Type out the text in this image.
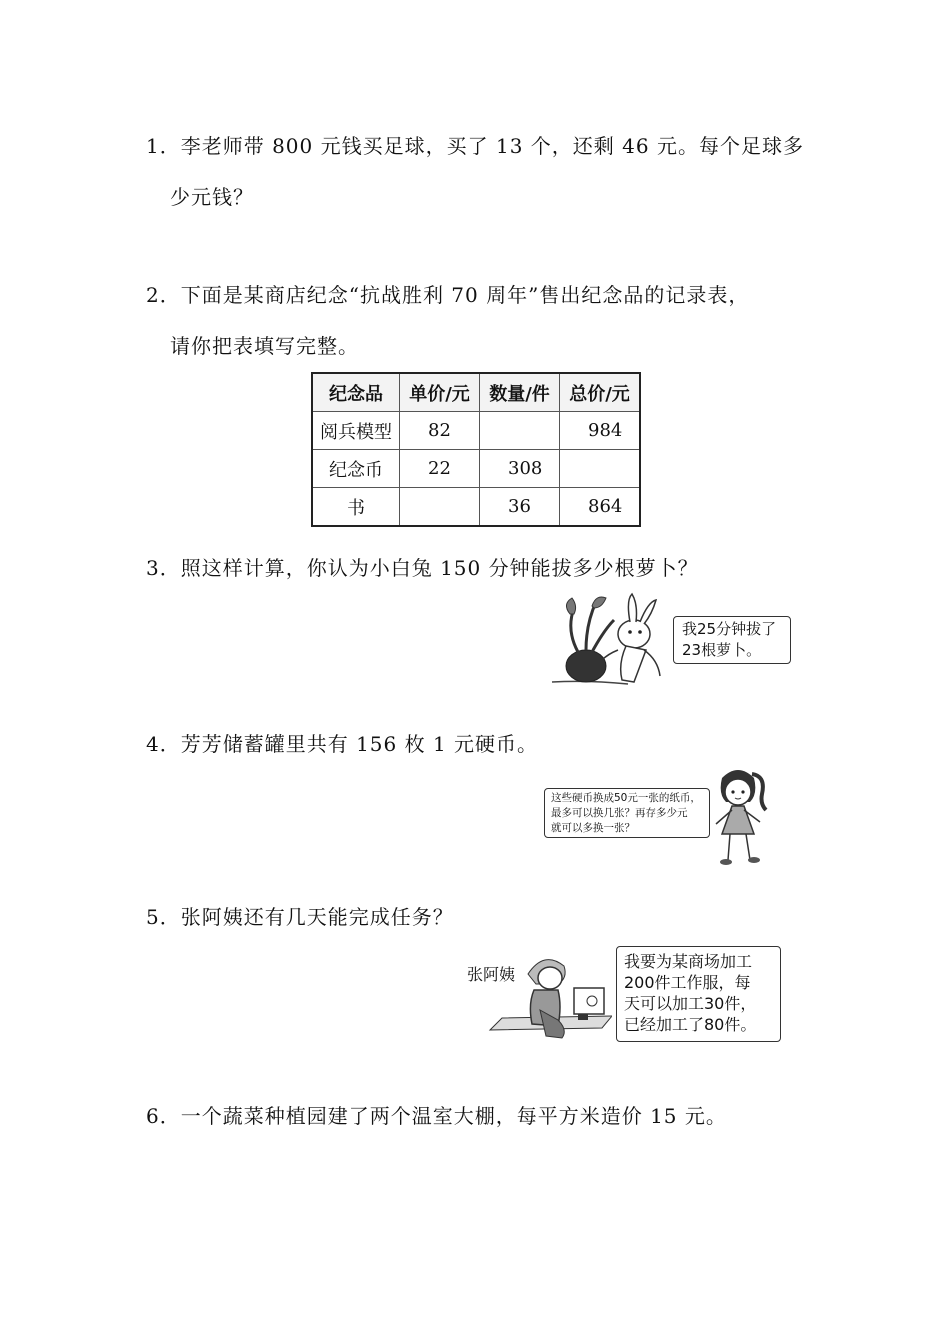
1．李老师带 800 元钱买足球，买了 13 个，还剩 46 元。每个足球多
少元钱？
2．下面是某商店纪念“抗战胜利 70 周年”售出纪念品的记录表，
请你把表填写完整。
纪念品	单价/元	数量/件	总价/元
阅兵模型	82		984
纪念币	22	308	
书		36	864
3．照这样计算，你认为小白兔 150 分钟能拔多少根萝卜？
我25分钟拔了
23根萝卜。
4．芳芳储蓄罐里共有 156 枚 1 元硬币。
这些硬币换成50元一张的纸币，
最多可以换几张？再存多少元
就可以多换一张？
5．张阿姨还有几天能完成任务？
张阿姨
我要为某商场加工
200件工作服，每
天可以加工30件，
已经加工了80件。
6．一个蔬菜种植园建了两个温室大棚，每平方米造价 15 元。
